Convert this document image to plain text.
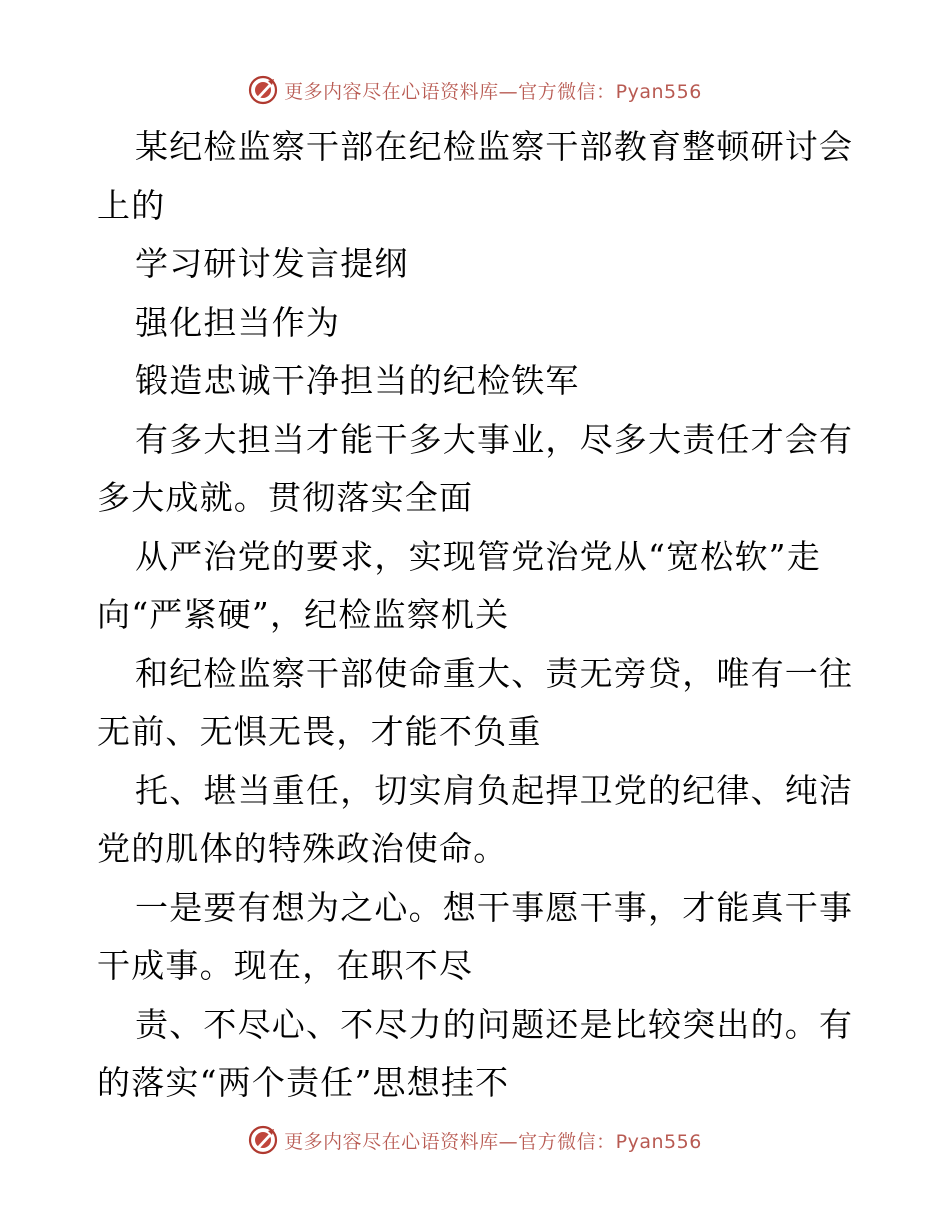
更多内容尽在心语资料库—官方微信：Pyan556
某纪检监察干部在纪检监察干部教育整顿研讨会
上的
学习研讨发言提纲
强化担当作为
锻造忠诚干净担当的纪检铁军
有多大担当才能干多大事业，尽多大责任才会有
多大成就。贯彻落实全面
从严治党的要求，实现管党治党从“宽松软”走
向“严紧硬”，纪检监察机关
和纪检监察干部使命重大、责无旁贷，唯有一往
无前、无惧无畏，才能不负重
托、堪当重任，切实肩负起捍卫党的纪律、纯洁
党的肌体的特殊政治使命。
一是要有想为之心。想干事愿干事，才能真干事
干成事。现在，在职不尽
责、不尽心、不尽力的问题还是比较突出的。有
的落实“两个责任”思想挂不
更多内容尽在心语资料库—官方微信：Pyan556
